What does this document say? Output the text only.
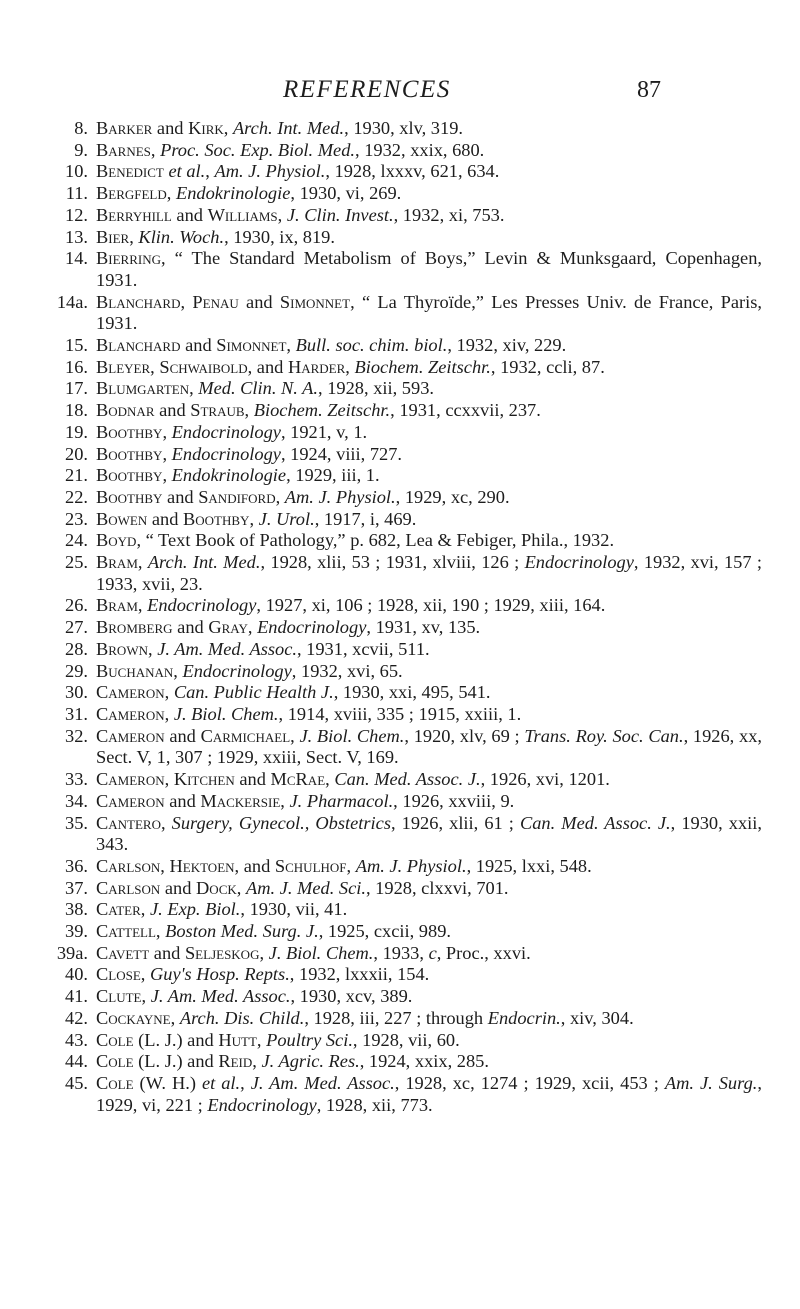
REFERENCES	87
8. Barker and Kirk, Arch. Int. Med., 1930, xlv, 319.
9. Barnes, Proc. Soc. Exp. Biol. Med., 1932, xxix, 680.
10. Benedict et al., Am. J. Physiol., 1928, lxxxv, 621, 634.
11. Bergfeld, Endokrinologie, 1930, vi, 269.
12. Berryhill and Williams, J. Clin. Invest., 1932, xi, 753.
13. Bier, Klin. Woch., 1930, ix, 819.
14. Bierring, “ The Standard Metabolism of Boys,” Levin & Munksgaard, Copenhagen, 1931.
14a. Blanchard, Penau and Simonnet, “ La Thyroïde,” Les Presses Univ. de France, Paris, 1931.
15. Blanchard and Simonnet, Bull. soc. chim. biol., 1932, xiv, 229.
16. Bleyer, Schwaibold, and Harder, Biochem. Zeitschr., 1932, ccli, 87.
17. Blumgarten, Med. Clin. N. A., 1928, xii, 593.
18. Bodnar and Straub, Biochem. Zeitschr., 1931, ccxxvii, 237.
19. Boothby, Endocrinology, 1921, v, 1.
20. Boothby, Endocrinology, 1924, viii, 727.
21. Boothby, Endokrinologie, 1929, iii, 1.
22. Boothby and Sandiford, Am. J. Physiol., 1929, xc, 290.
23. Bowen and Boothby, J. Urol., 1917, i, 469.
24. Boyd, “ Text Book of Pathology,” p. 682, Lea & Febiger, Phila., 1932.
25. Bram, Arch. Int. Med., 1928, xlii, 53 ; 1931, xlviii, 126 ; Endocrinology, 1932, xvi, 157 ; 1933, xvii, 23.
26. Bram, Endocrinology, 1927, xi, 106 ; 1928, xii, 190 ; 1929, xiii, 164.
27. Bromberg and Gray, Endocrinology, 1931, xv, 135.
28. Brown, J. Am. Med. Assoc., 1931, xcvii, 511.
29. Buchanan, Endocrinology, 1932, xvi, 65.
30. Cameron, Can. Public Health J., 1930, xxi, 495, 541.
31. Cameron, J. Biol. Chem., 1914, xviii, 335 ; 1915, xxiii, 1.
32. Cameron and Carmichael, J. Biol. Chem., 1920, xlv, 69 ; Trans. Roy. Soc. Can., 1926, xx, Sect. V, 1, 307 ; 1929, xxiii, Sect. V, 169.
33. Cameron, Kitchen and McRae, Can. Med. Assoc. J., 1926, xvi, 1201.
34. Cameron and Mackersie, J. Pharmacol., 1926, xxviii, 9.
35. Cantero, Surgery, Gynecol., Obstetrics, 1926, xlii, 61 ; Can. Med. Assoc. J., 1930, xxii, 343.
36. Carlson, Hektoen, and Schulhof, Am. J. Physiol., 1925, lxxi, 548.
37. Carlson and Dock, Am. J. Med. Sci., 1928, clxxvi, 701.
38. Cater, J. Exp. Biol., 1930, vii, 41.
39. Cattell, Boston Med. Surg. J., 1925, cxcii, 989.
39a. Cavett and Seljeskog, J. Biol. Chem., 1933, c, Proc., xxvi.
40. Close, Guy's Hosp. Repts., 1932, lxxxii, 154.
41. Clute, J. Am. Med. Assoc., 1930, xcv, 389.
42. Cockayne, Arch. Dis. Child., 1928, iii, 227 ; through Endocrin., xiv, 304.
43. Cole (L. J.) and Hutt, Poultry Sci., 1928, vii, 60.
44. Cole (L. J.) and Reid, J. Agric. Res., 1924, xxix, 285.
45. Cole (W. H.) et al., J. Am. Med. Assoc., 1928, xc, 1274 ; 1929, xcii, 453 ; Am. J. Surg., 1929, vi, 221 ; Endocrinology, 1928, xii, 773.
